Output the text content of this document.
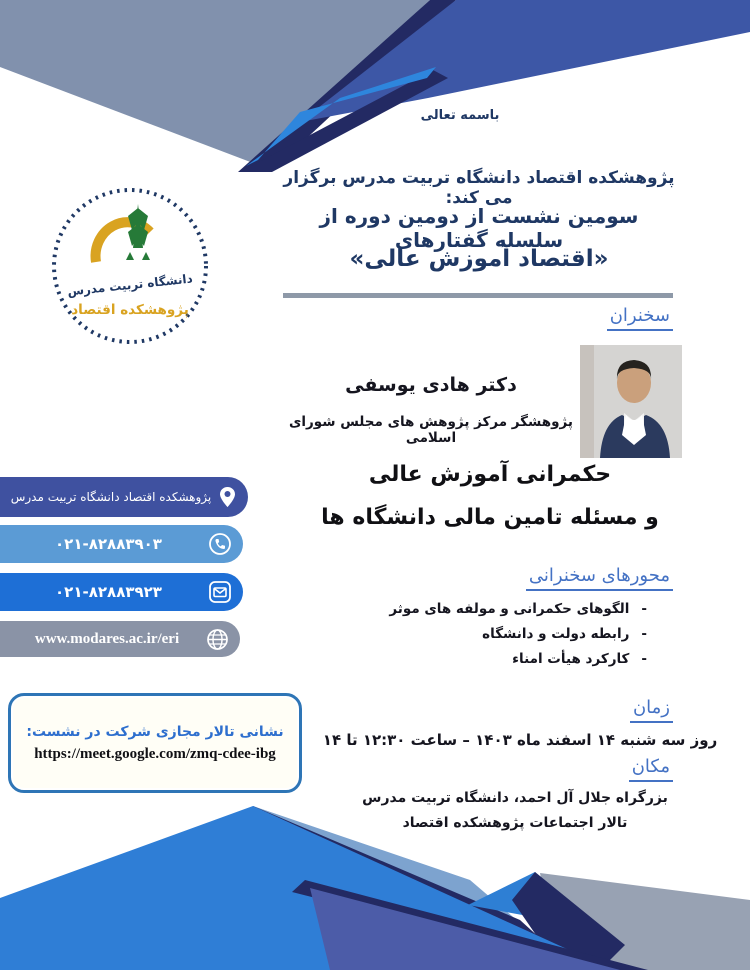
دانشگاه تربیت مدرس
پژوهشکده اقتصاد
باسمه تعالی
پژوهشکده اقتصاد دانشگاه تربیت مدرس برگزار می کند:
سومین نشست از دومین دوره از سلسله گفتارهای
«اقتصاد آموزش عالی»
سخنران
دکتر هادی یوسفی
پژوهشگر مرکز پژوهش های مجلس شورای اسلامی
حکمرانی آموزش عالی
و مسئله تامین مالی دانشگاه ها
محورهای سخنرانی
-
الگوهای حکمرانی و مولفه های موثر
-
رابطه دولت و دانشگاه
-
کارکرد هیأت امناء
زمان
روز سه شنبه ۱۴ اسفند ماه ۱۴۰۳ – ساعت ۱۲:۳۰ تا ۱۴
مکان
بزرگراه جلال آل احمد، دانشگاه تربیت مدرس
تالار اجتماعات پژوهشکده اقتصاد
پژوهشکده اقتصاد دانشگاه تربیت مدرس
۰۲۱-۸۲۸۸۳۹۰۳
۰۲۱-۸۲۸۸۳۹۲۳
www.modares.ac.ir/eri
نشانی تالار مجازی شرکت در نشست:
https://meet.google.com/zmq-cdee-ibg
